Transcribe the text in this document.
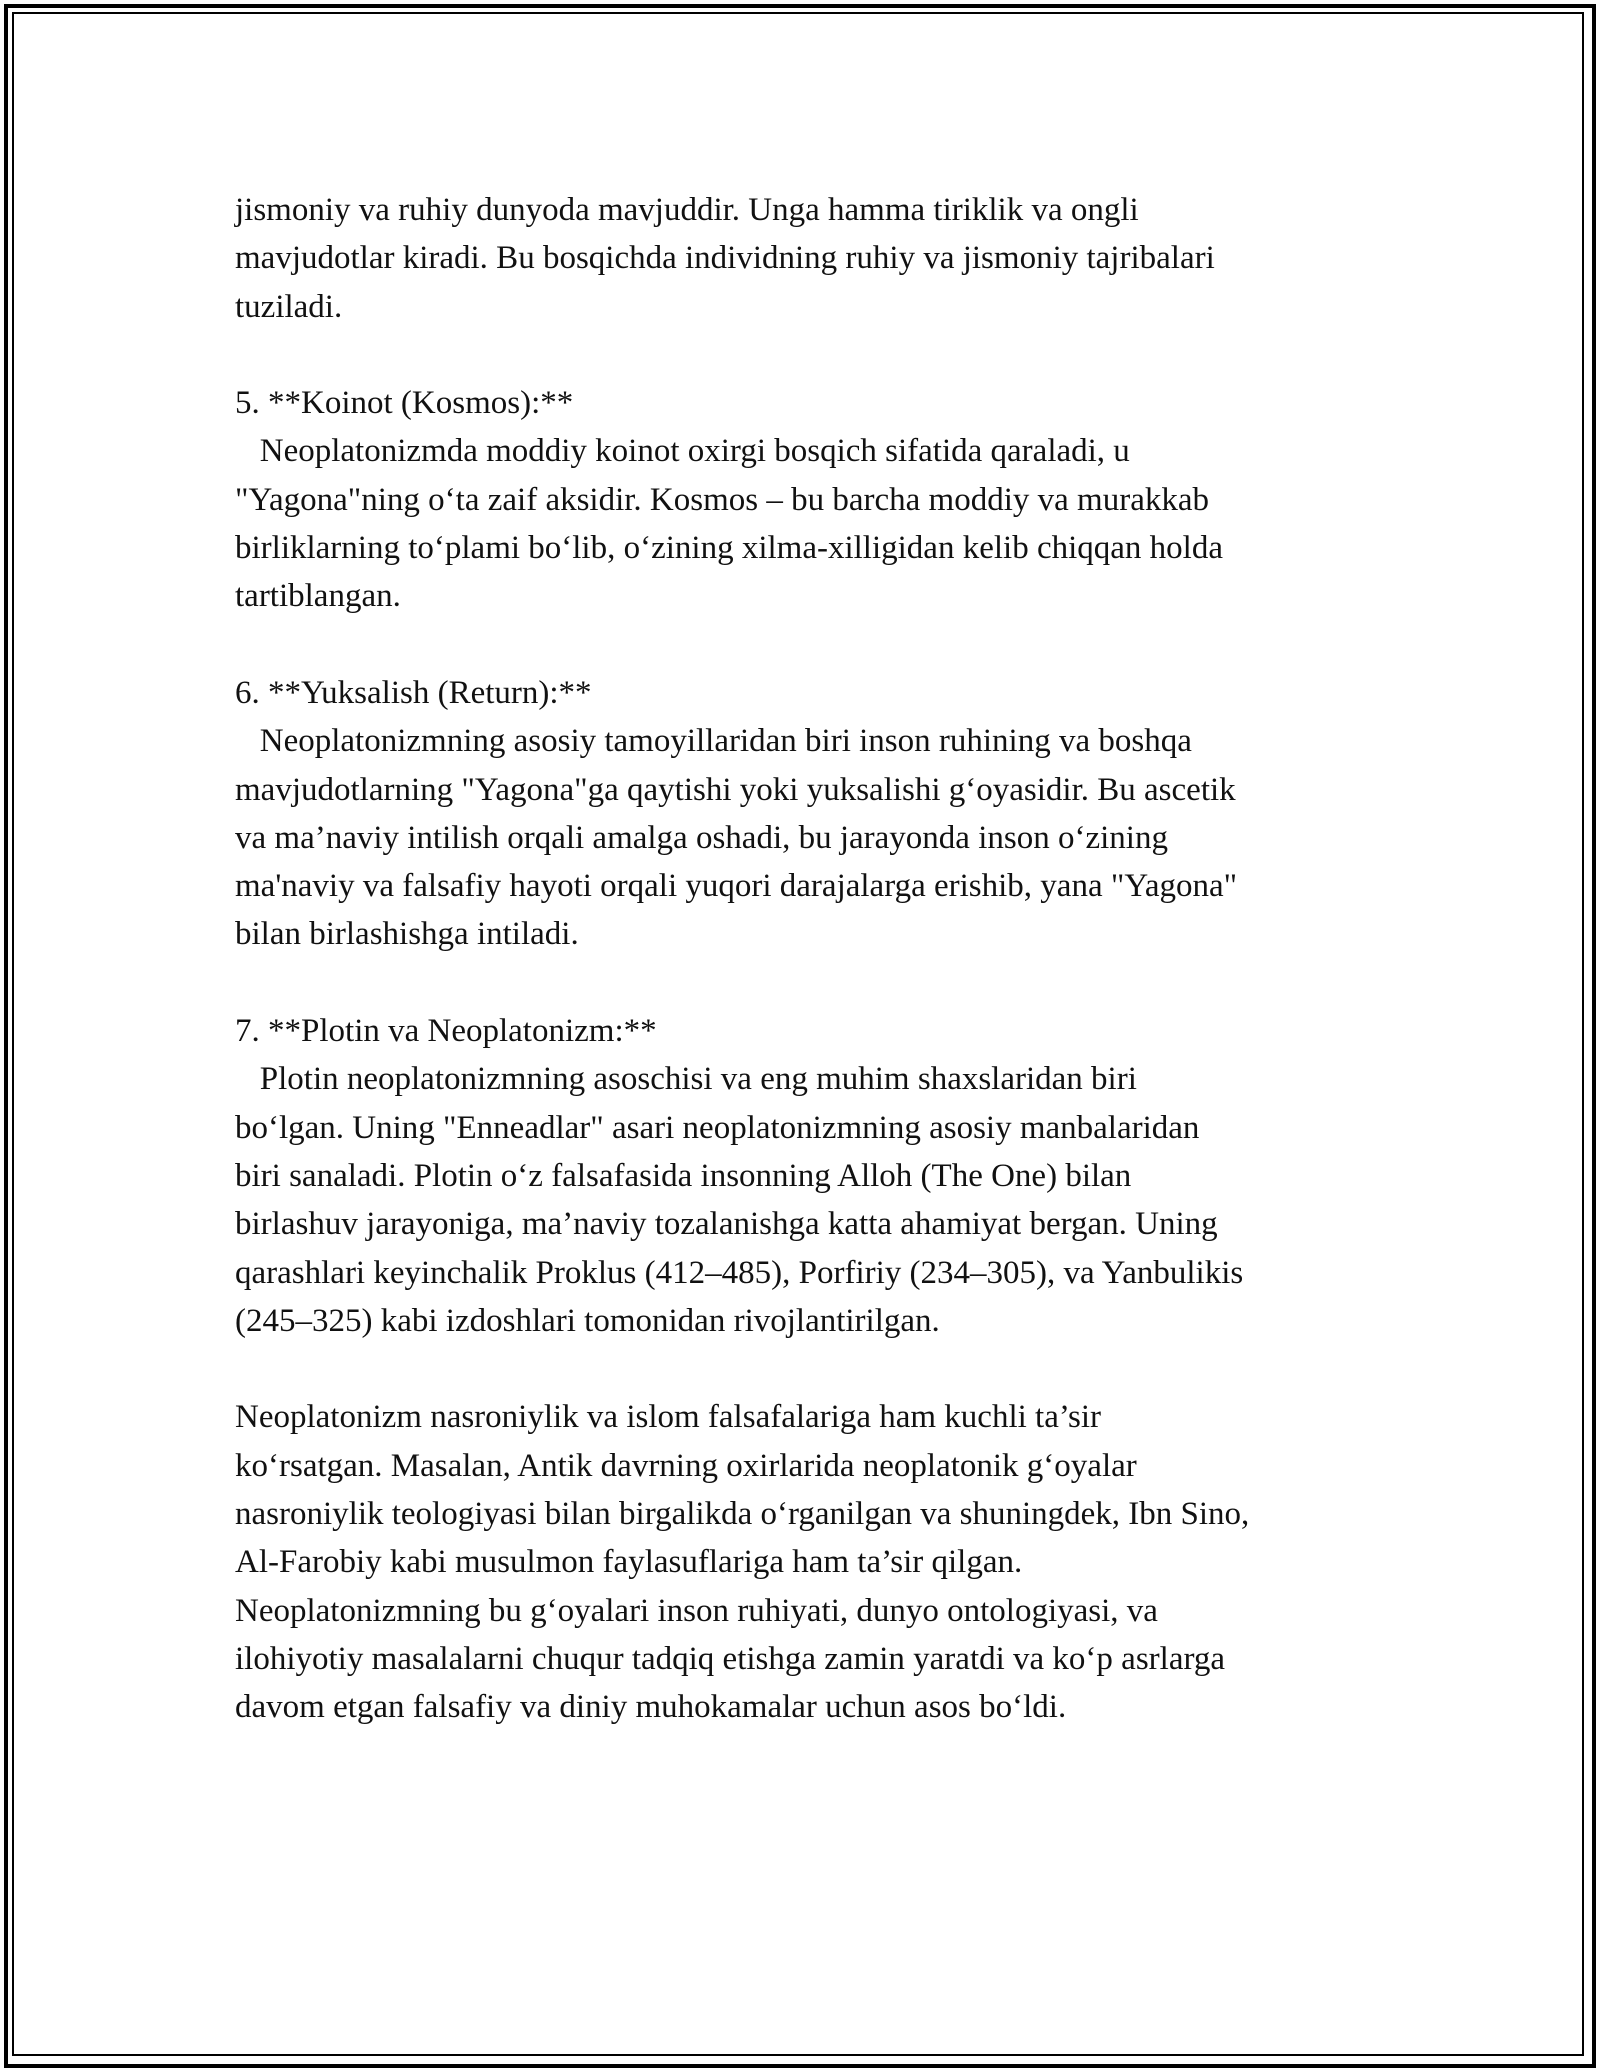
jismoniy va ruhiy dunyoda mavjuddir. Unga hamma tiriklik va ongli
mavjudotlar kiradi. Bu bosqichda individning ruhiy va jismoniy tajribalari
tuziladi.
5. **Koinot (Kosmos):**
Neoplatonizmda moddiy koinot oxirgi bosqich sifatida qaraladi, u
"Yagona"ning o‘ta zaif aksidir. Kosmos – bu barcha moddiy va murakkab
birliklarning to‘plami bo‘lib, o‘zining xilma-xilligidan kelib chiqqan holda
tartiblangan.
6. **Yuksalish (Return):**
Neoplatonizmning asosiy tamoyillaridan biri inson ruhining va boshqa
mavjudotlarning "Yagona"ga qaytishi yoki yuksalishi g‘oyasidir. Bu ascetik
va ma’naviy intilish orqali amalga oshadi, bu jarayonda inson o‘zining
ma'naviy va falsafiy hayoti orqali yuqori darajalarga erishib, yana "Yagona"
bilan birlashishga intiladi.
7. **Plotin va Neoplatonizm:**
Plotin neoplatonizmning asoschisi va eng muhim shaxslaridan biri
bo‘lgan. Uning "Enneadlar" asari neoplatonizmning asosiy manbalaridan
biri sanaladi. Plotin o‘z falsafasida insonning Alloh (The One) bilan
birlashuv jarayoniga, ma’naviy tozalanishga katta ahamiyat bergan. Uning
qarashlari keyinchalik Proklus (412–485), Porfiriy (234–305), va Yanbulikis
(245–325) kabi izdoshlari tomonidan rivojlantirilgan.
Neoplatonizm nasroniylik va islom falsafalariga ham kuchli ta’sir
ko‘rsatgan. Masalan, Antik davrning oxirlarida neoplatonik g‘oyalar
nasroniylik teologiyasi bilan birgalikda o‘rganilgan va shuningdek, Ibn Sino,
Al-Farobiy kabi musulmon faylasuflariga ham ta’sir qilgan.
Neoplatonizmning bu g‘oyalari inson ruhiyati, dunyo ontologiyasi, va
ilohiyotiy masalalarni chuqur tadqiq etishga zamin yaratdi va ko‘p asrlarga
davom etgan falsafiy va diniy muhokamalar uchun asos bo‘ldi.
